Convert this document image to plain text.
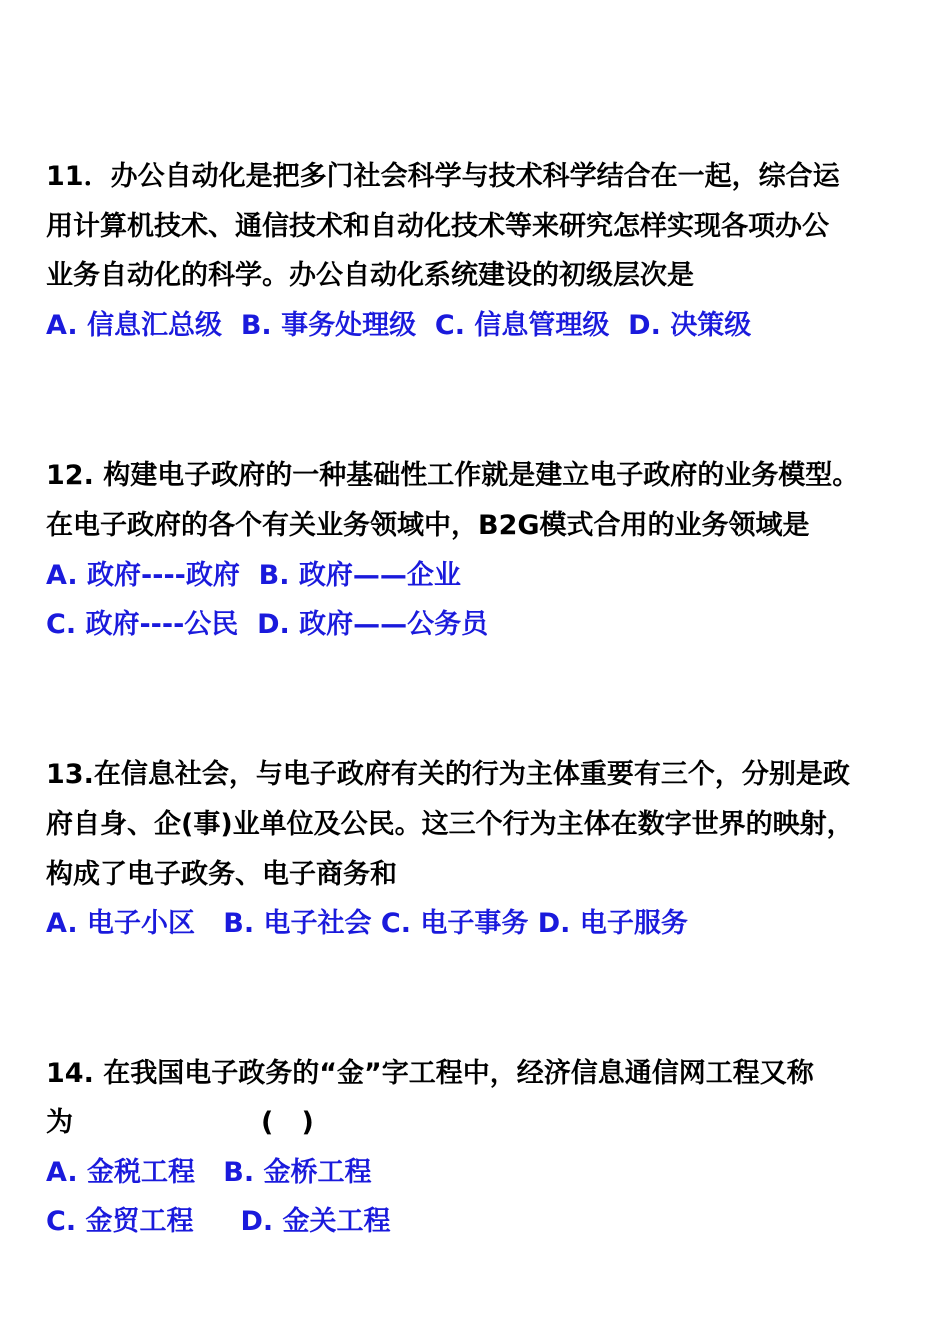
11．办公自动化是把多门社会科学与技术科学结合在一起，综合运
用计算机技术、通信技术和自动化技术等来研究怎样实现各项办公
业务自动化的科学。办公自动化系统建设的初级层次是
A. 信息汇总级  B. 事务处理级  C. 信息管理级  D. 决策级
12. 构建电子政府的一种基础性工作就是建立电子政府的业务模型。
在电子政府的各个有关业务领域中，B2G模式合用的业务领域是
A. 政府----政府  B. 政府——企业
C. 政府----公民  D. 政府——公务员
13.在信息社会，与电子政府有关的行为主体重要有三个，分别是政
府自身、企(事)业单位及公民。这三个行为主体在数字世界的映射，
构成了电子政务、电子商务和
A. 电子小区   B. 电子社会 C. 电子事务 D. 电子服务
14. 在我国电子政务的“金”字工程中，经济信息通信网工程又称
为                    (   )
A. 金税工程   B. 金桥工程
C. 金贸工程     D. 金关工程
